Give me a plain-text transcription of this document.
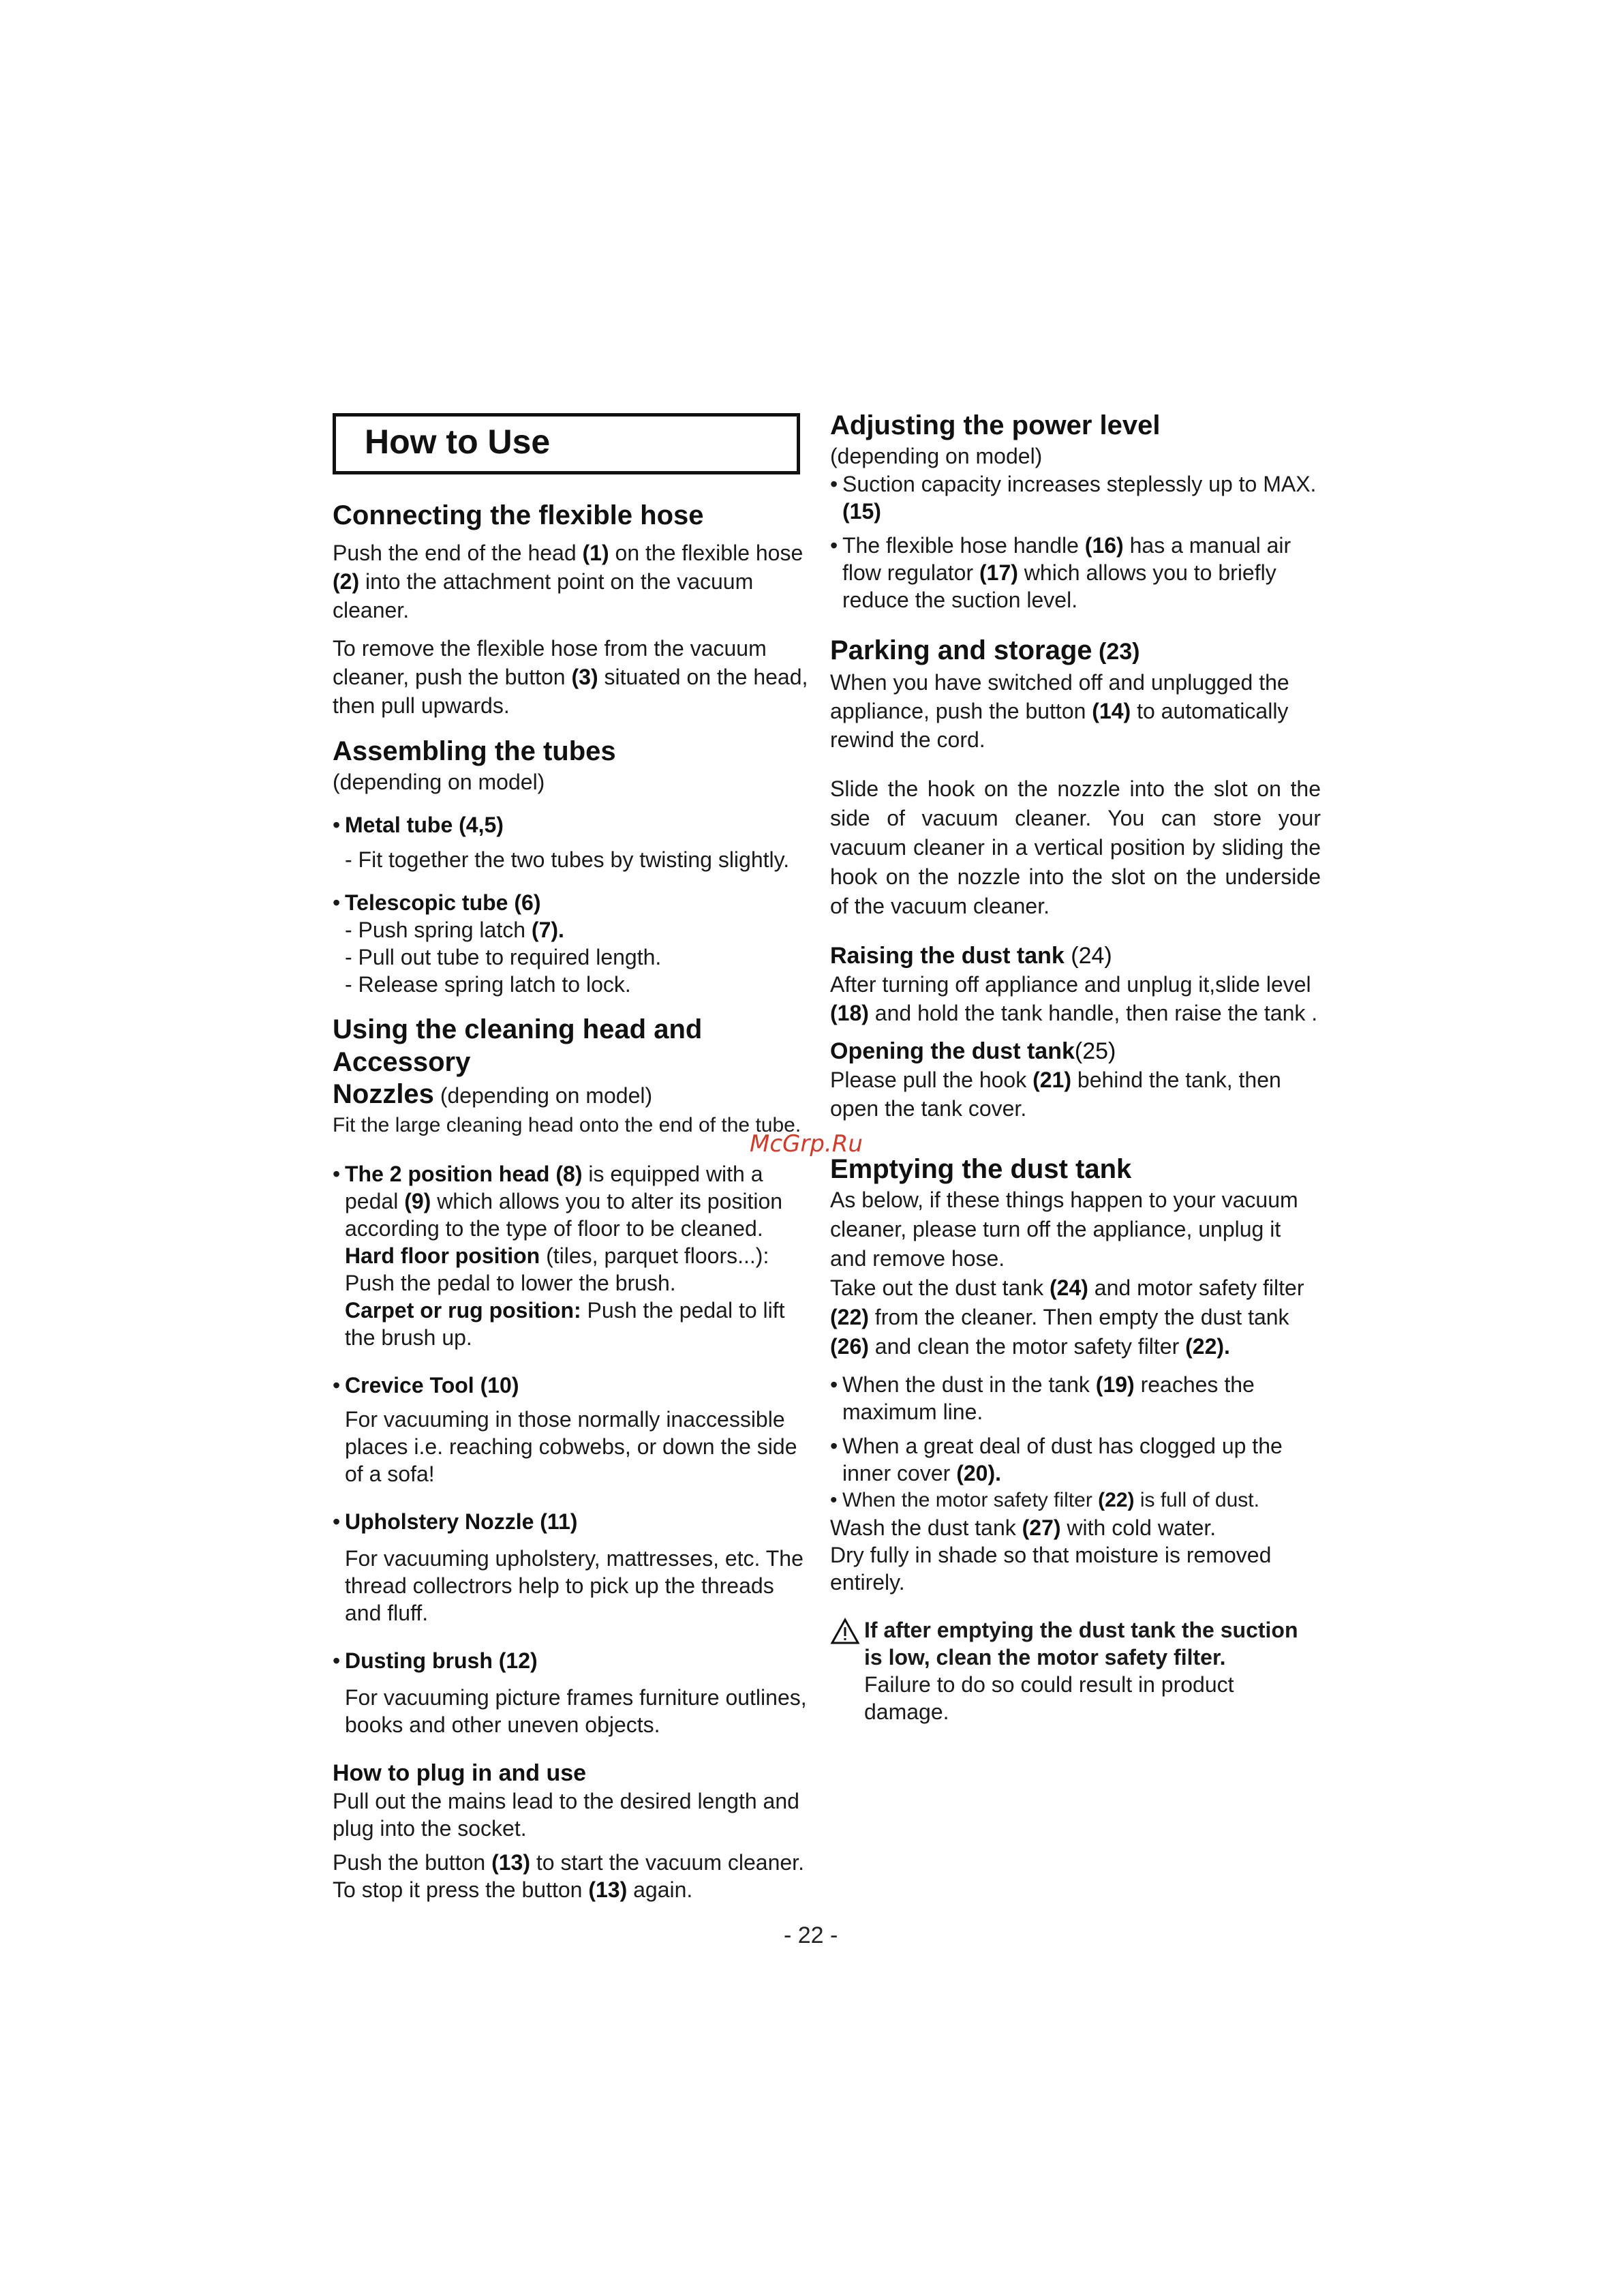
How to Use
Connecting the flexible hose

Push the end of the head (1) on the flexible hose (2) into the attachment point on the vacuum cleaner.

To remove the flexible hose from the vacuum cleaner, push the button (3) situated on the head, then pull upwards.

Assembling the tubes

(depending on model)

• Metal tube (4,5)

- Fit together the two tubes by twisting slightly.

• Telescopic tube (6)

- Push spring latch (7).

- Pull out tube to required length.

- Release spring latch to lock.

Using the cleaning head and Accessory

Nozzles (depending on model)

Fit the large cleaning head onto the end of the tube.

• The 2 position head (8) is equipped with a pedal (9) which allows you to alter its position according to the type of floor to be cleaned.

Hard floor position (tiles, parquet floors...): Push the pedal to lower the brush.

Carpet or rug position: Push the pedal to lift the brush up.

• Crevice Tool (10)

For vacuuming in those normally inaccessible places i.e. reaching cobwebs, or down the side of a sofa!

• Upholstery Nozzle (11)

For vacuuming upholstery, mattresses, etc. The thread collectrors help to pick up the threads and fluff.

• Dusting brush (12)

For vacuuming picture frames furniture outlines, books and other uneven objects.

How to plug in and use

Pull out the mains lead to the desired length and plug into the socket.

Push the button (13) to start the vacuum cleaner.

To stop it press the button (13) again.

Adjusting the power level

(depending on model)

• Suction capacity increases steplessly up to MAX.(15)

• The flexible hose handle (16) has a manual air flow regulator (17) which allows you to briefly reduce the suction level.

Parking and storage (23)

When you have switched off and unplugged the appliance, push the button (14) to automatically rewind the cord.

Slide the hook on the nozzle into the slot on the side of vacuum cleaner. You can store your vacuum cleaner in a vertical position by sliding the hook on the nozzle into the slot on the underside of the vacuum cleaner.

Raising the dust tank (24)

After turning off appliance and unplug it,slide level (18) and hold the tank handle, then raise the tank .

Opening the dust tank(25)

Please pull the hook (21) behind the tank, then open the tank cover.

Emptying the dust tank

As below, if these things happen to your vacuum cleaner, please turn off the appliance, unplug it and remove hose.

Take out the dust tank (24) and motor safety filter (22) from the cleaner. Then empty the dust tank (26) and clean the motor safety filter (22).

• When the dust in the tank (19) reaches the maximum line.

• When a great deal of dust has clogged up the inner cover (20).

• When the motor safety filter (22) is full of dust.

Wash the dust tank (27) with cold water.

Dry fully in shade so that moisture is removed entirely.

If after emptying the dust tank the suction is low, clean the motor safety filter.

Failure to do so could result in product damage.

McGrp.Ru
- 22 -
